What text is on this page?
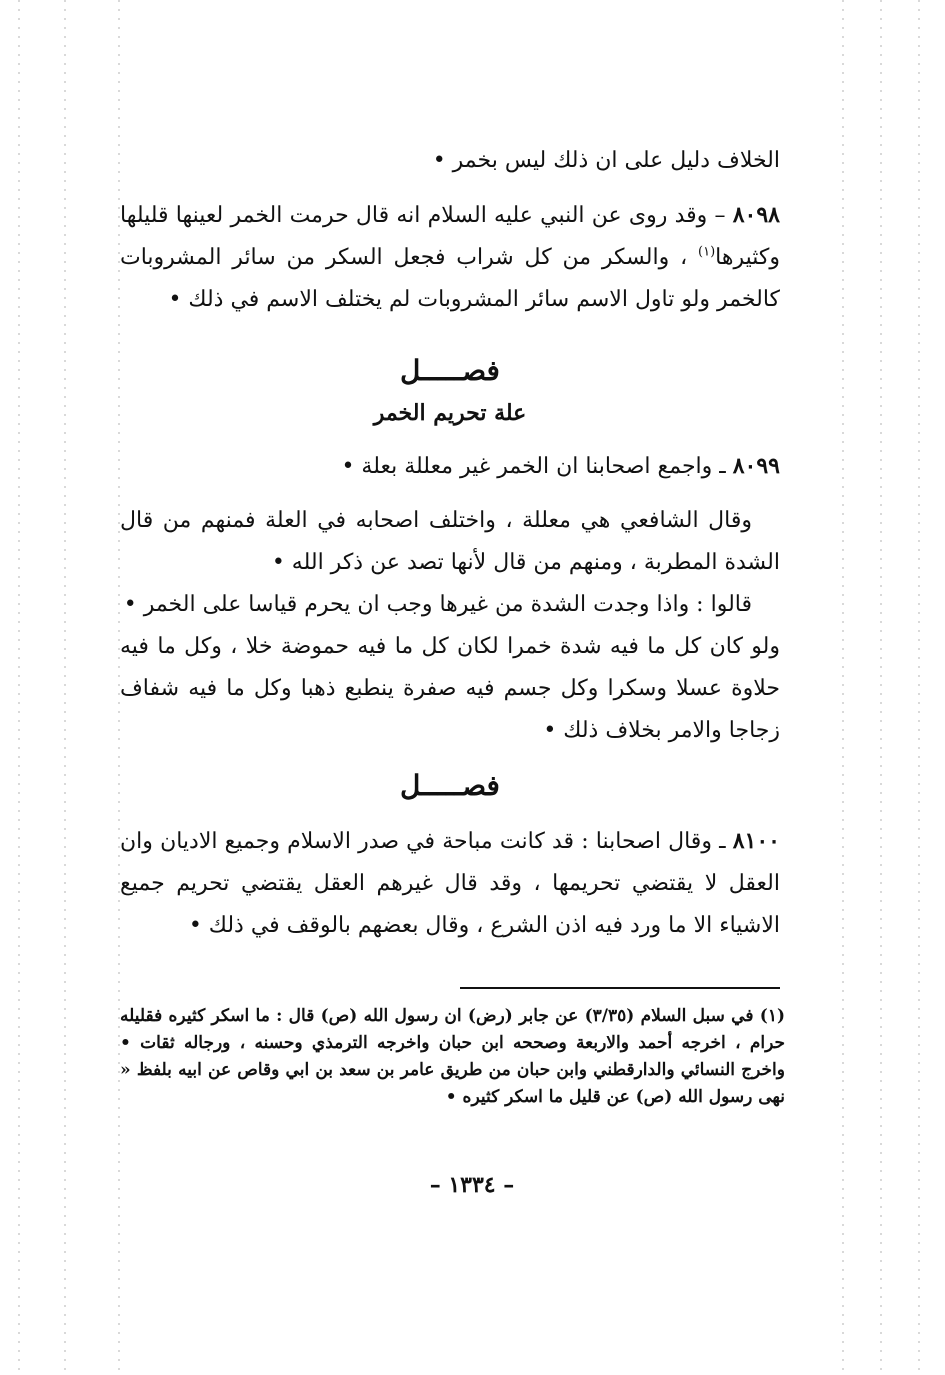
الخلاف دليل على ان ذلك ليس بخمر •

٨٠٩٨ – وقد روى عن النبي عليه السلام انه قال حرمت الخمر لعينها قليلها وكثيرها$^{(١)}$ ، والسكر من كل شراب فجعل السكر من سائر المشروبات كالخمر ولو تاول الاسم سائر المشروبات لم يختلف الاسم في ذلك •

فصـــــل

علة تحريم الخمر

٨٠٩٩ ـ واجمع اصحابنا ان الخمر غير معللة بعلة •

وقال الشافعي هي معللة ، واختلف اصحابه في العلة فمنهم من قال الشدة المطربة ، ومنهم من قال لأنها تصد عن ذكر الله •

قالوا : واذا وجدت الشدة من غيرها وجب ان يحرم قياسا على الخمر •

ولو كان كل ما فيه شدة خمرا لكان كل ما فيه حموضة خلا ، وكل ما فيه حلاوة عسلا وسكرا وكل جسم فيه صفرة ينطبع ذهبا وكل ما فيه شفاف زجاجا والامر بخلاف ذلك •

فصـــــل

٨١٠٠ ـ وقال اصحابنا : قد كانت مباحة في صدر الاسلام وجميع الاديان وان العقل لا يقتضي تحريمها ، وقد قال غيرهم العقل يقتضي تحريم جميع الاشياء الا ما ورد فيه اذن الشرع ، وقال بعضهم بالوقف في ذلك •

(١) في سبل السلام (٣/٣٥) عن جابر (رض) ان رسول الله (ص) قال : ما اسكر كثيره فقليله حرام ، اخرجه أحمد والاربعة وصححه ابن حبان واخرجه الترمذي وحسنه ، ورجاله ثقات • واخرج النسائي والدارقطني وابن حبان من طريق عامر بن سعد بن ابي وقاص عن ابيه بلفظ « نهى رسول الله (ص) عن قليل ما اسكر كثيره •

– ١٣٣٤ –
